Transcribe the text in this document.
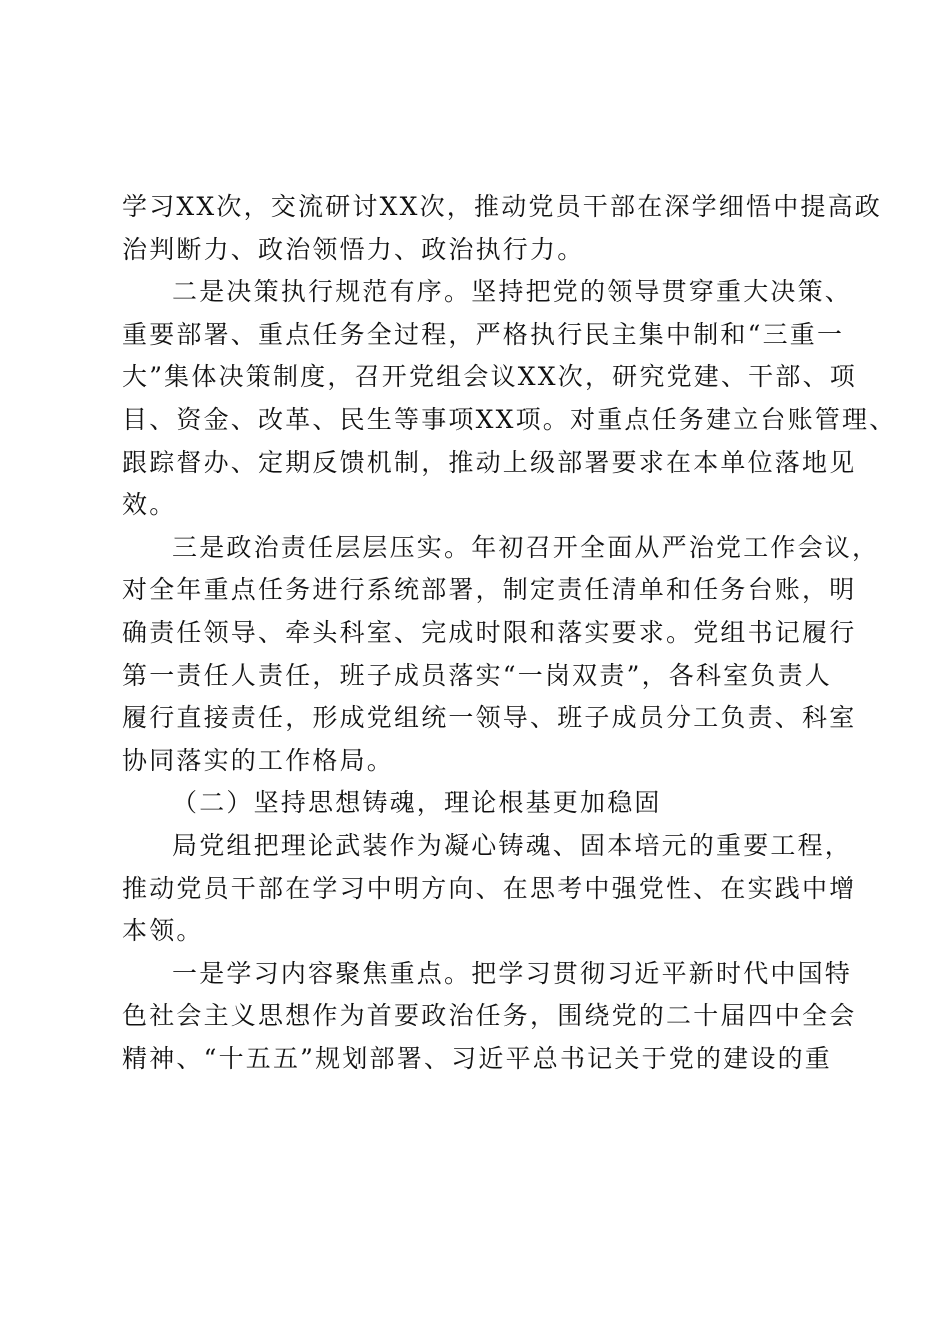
学习XX次，交流研讨XX次，推动党员干部在深学细悟中提高政
治判断力、政治领悟力、政治执行力。
二是决策执行规范有序。坚持把党的领导贯穿重大决策、
重要部署、重点任务全过程，严格执行民主集中制和“三重一
大”集体决策制度，召开党组会议XX次，研究党建、干部、项
目、资金、改革、民生等事项XX项。对重点任务建立台账管理、
跟踪督办、定期反馈机制，推动上级部署要求在本单位落地见
效。
三是政治责任层层压实。年初召开全面从严治党工作会议，
对全年重点任务进行系统部署，制定责任清单和任务台账，明
确责任领导、牵头科室、完成时限和落实要求。党组书记履行
第一责任人责任，班子成员落实“一岗双责”，各科室负责人
履行直接责任，形成党组统一领导、班子成员分工负责、科室
协同落实的工作格局。
（二）坚持思想铸魂，理论根基更加稳固
局党组把理论武装作为凝心铸魂、固本培元的重要工程，
推动党员干部在学习中明方向、在思考中强党性、在实践中增
本领。
一是学习内容聚焦重点。把学习贯彻习近平新时代中国特
色社会主义思想作为首要政治任务，围绕党的二十届四中全会
精神、“十五五”规划部署、习近平总书记关于党的建设的重
